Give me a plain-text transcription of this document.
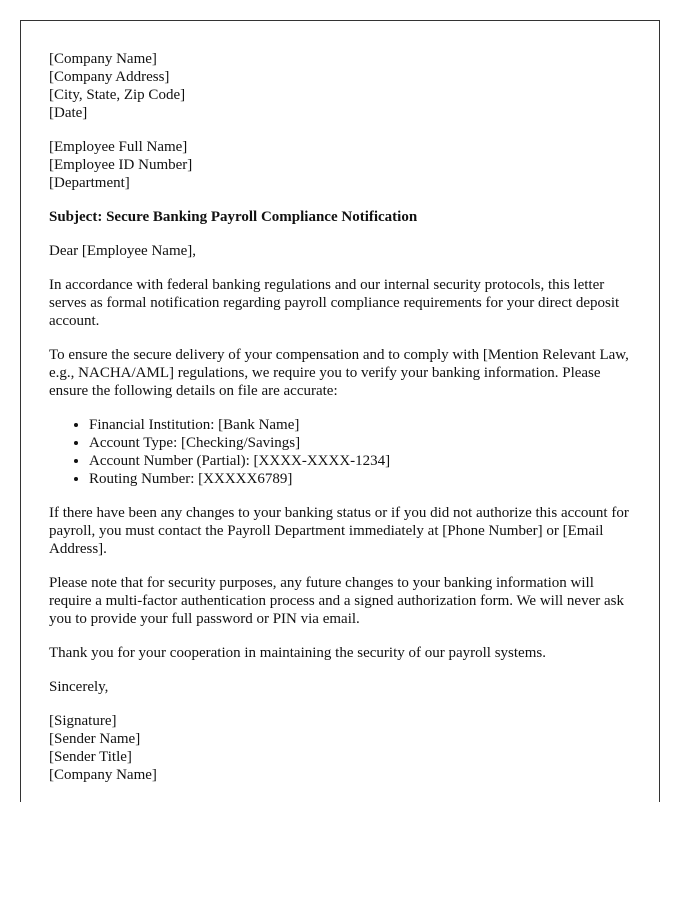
[Company Name]
[Company Address]
[City, State, Zip Code]
[Date]
[Employee Full Name]
[Employee ID Number]
[Department]

Subject: Secure Banking Payroll Compliance Notification

Dear [Employee Name],

In accordance with federal banking regulations and our internal security protocols, this letter serves as formal notification regarding payroll compliance requirements for your direct deposit account.

To ensure the secure delivery of your compensation and to comply with [Mention Relevant Law, e.g., NACHA/AML] regulations, we require you to verify your banking information. Please ensure the following details on file are accurate:

• Financial Institution: [Bank Name]
• Account Type: [Checking/Savings]
• Account Number (Partial): [XXXX-XXXX-1234]
• Routing Number: [XXXXX6789]

If there have been any changes to your banking status or if you did not authorize this account for payroll, you must contact the Payroll Department immediately at [Phone Number] or [Email Address].

Please note that for security purposes, any future changes to your banking information will require a multi-factor authentication process and a signed authorization form. We will never ask you to provide your full password or PIN via email.

Thank you for your cooperation in maintaining the security of our payroll systems.

Sincerely,

[Signature]
[Sender Name]
[Sender Title]
[Company Name]
